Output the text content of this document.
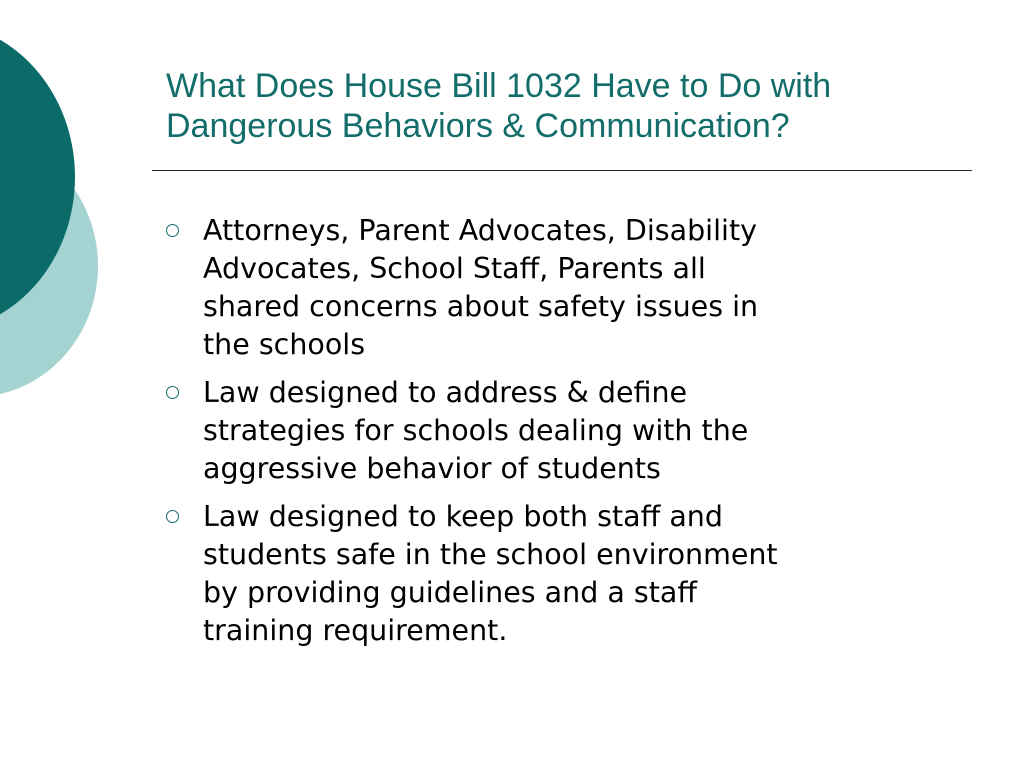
What Does House Bill 1032 Have to Do with
Dangerous Behaviors & Communication?
Attorneys, Parent Advocates, Disability
Advocates, School Staff, Parents all
shared concerns about safety issues in
the schools
Law designed to address & define
strategies for schools dealing with the
aggressive behavior of students
Law designed to keep both staff and
students safe in the school environment
by providing guidelines and a staff
training requirement.
